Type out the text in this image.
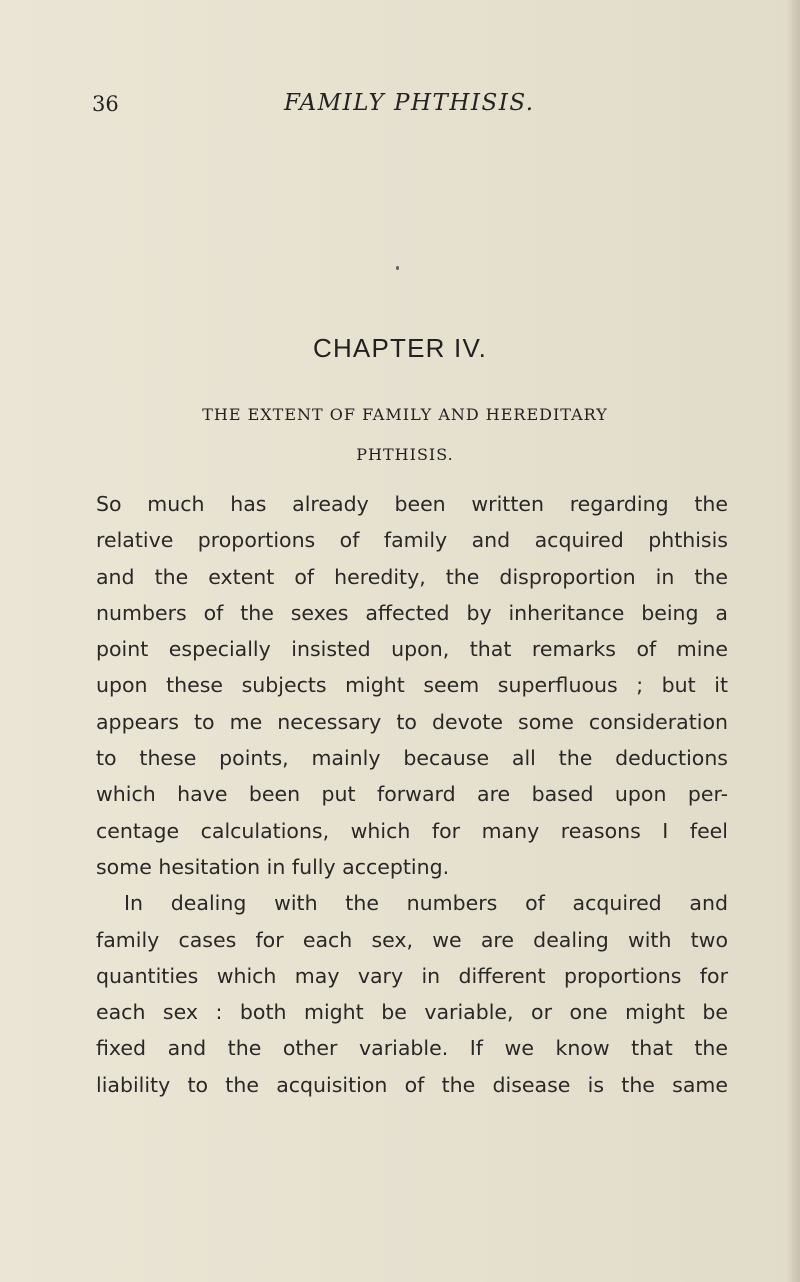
36	FAMILY PHTHISIS.
CHAPTER IV.
THE EXTENT OF FAMILY AND HEREDITARY
PHTHISIS.
So much has already been written regarding the
relative proportions of family and acquired phthisis
and the extent of heredity, the disproportion in the
numbers of the sexes affected by inheritance being a
point especially insisted upon, that remarks of mine
upon these subjects might seem superfluous ; but it
appears to me necessary to devote some consideration
to these points, mainly because all the deductions
which have been put forward are based upon per-
centage calculations, which for many reasons I feel
some hesitation in fully accepting.
In dealing with the numbers of acquired and
family cases for each sex, we are dealing with two
quantities which may vary in different proportions for
each sex : both might be variable, or one might be
fixed and the other variable. If we know that the
liability to the acquisition of the disease is the same
